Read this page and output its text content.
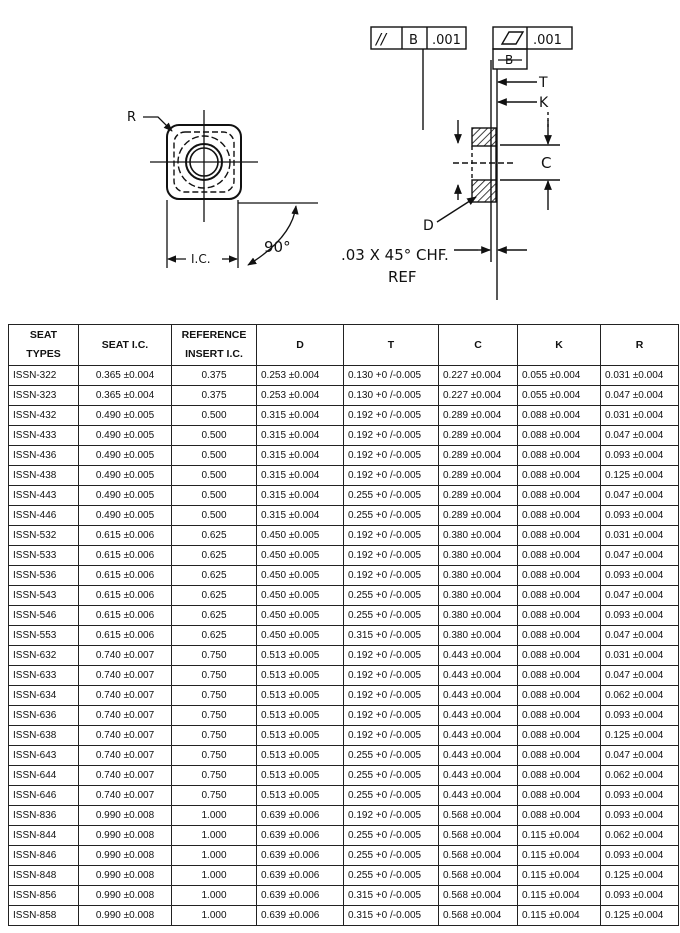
R
I.C.
90°
// B .001	.001
B
T
K
C
D
.03 X 45° CHF.
REF
SEAT
TYPES	SEAT I.C.	REFERENCE
INSERT I.C.	D	T	C	K	R
ISSN-322	0.365 ±0.004	0.375	0.253 ±0.004	0.130 +0 /-0.005	0.227 ±0.004	0.055 ±0.004	0.031 ±0.004
ISSN-323	0.365 ±0.004	0.375	0.253 ±0.004	0.130 +0 /-0.005	0.227 ±0.004	0.055 ±0.004	0.047 ±0.004
ISSN-432	0.490 ±0.005	0.500	0.315 ±0.004	0.192 +0 /-0.005	0.289 ±0.004	0.088 ±0.004	0.031 ±0.004
ISSN-433	0.490 ±0.005	0.500	0.315 ±0.004	0.192 +0 /-0.005	0.289 ±0.004	0.088 ±0.004	0.047 ±0.004
ISSN-436	0.490 ±0.005	0.500	0.315 ±0.004	0.192 +0 /-0.005	0.289 ±0.004	0.088 ±0.004	0.093 ±0.004
ISSN-438	0.490 ±0.005	0.500	0.315 ±0.004	0.192 +0 /-0.005	0.289 ±0.004	0.088 ±0.004	0.125 ±0.004
ISSN-443	0.490 ±0.005	0.500	0.315 ±0.004	0.255 +0 /-0.005	0.289 ±0.004	0.088 ±0.004	0.047 ±0.004
ISSN-446	0.490 ±0.005	0.500	0.315 ±0.004	0.255 +0 /-0.005	0.289 ±0.004	0.088 ±0.004	0.093 ±0.004
ISSN-532	0.615 ±0.006	0.625	0.450 ±0.005	0.192 +0 /-0.005	0.380 ±0.004	0.088 ±0.004	0.031 ±0.004
ISSN-533	0.615 ±0.006	0.625	0.450 ±0.005	0.192 +0 /-0.005	0.380 ±0.004	0.088 ±0.004	0.047 ±0.004
ISSN-536	0.615 ±0.006	0.625	0.450 ±0.005	0.192 +0 /-0.005	0.380 ±0.004	0.088 ±0.004	0.093 ±0.004
ISSN-543	0.615 ±0.006	0.625	0.450 ±0.005	0.255 +0 /-0.005	0.380 ±0.004	0.088 ±0.004	0.047 ±0.004
ISSN-546	0.615 ±0.006	0.625	0.450 ±0.005	0.255 +0 /-0.005	0.380 ±0.004	0.088 ±0.004	0.093 ±0.004
ISSN-553	0.615 ±0.006	0.625	0.450 ±0.005	0.315 +0 /-0.005	0.380 ±0.004	0.088 ±0.004	0.047 ±0.004
ISSN-632	0.740 ±0.007	0.750	0.513 ±0.005	0.192 +0 /-0.005	0.443 ±0.004	0.088 ±0.004	0.031 ±0.004
ISSN-633	0.740 ±0.007	0.750	0.513 ±0.005	0.192 +0 /-0.005	0.443 ±0.004	0.088 ±0.004	0.047 ±0.004
ISSN-634	0.740 ±0.007	0.750	0.513 ±0.005	0.192 +0 /-0.005	0.443 ±0.004	0.088 ±0.004	0.062 ±0.004
ISSN-636	0.740 ±0.007	0.750	0.513 ±0.005	0.192 +0 /-0.005	0.443 ±0.004	0.088 ±0.004	0.093 ±0.004
ISSN-638	0.740 ±0.007	0.750	0.513 ±0.005	0.192 +0 /-0.005	0.443 ±0.004	0.088 ±0.004	0.125 ±0.004
ISSN-643	0.740 ±0.007	0.750	0.513 ±0.005	0.255 +0 /-0.005	0.443 ±0.004	0.088 ±0.004	0.047 ±0.004
ISSN-644	0.740 ±0.007	0.750	0.513 ±0.005	0.255 +0 /-0.005	0.443 ±0.004	0.088 ±0.004	0.062 ±0.004
ISSN-646	0.740 ±0.007	0.750	0.513 ±0.005	0.255 +0 /-0.005	0.443 ±0.004	0.088 ±0.004	0.093 ±0.004
ISSN-836	0.990 ±0.008	1.000	0.639 ±0.006	0.192 +0 /-0.005	0.568 ±0.004	0.088 ±0.004	0.093 ±0.004
ISSN-844	0.990 ±0.008	1.000	0.639 ±0.006	0.255 +0 /-0.005	0.568 ±0.004	0.115 ±0.004	0.062 ±0.004
ISSN-846	0.990 ±0.008	1.000	0.639 ±0.006	0.255 +0 /-0.005	0.568 ±0.004	0.115 ±0.004	0.093 ±0.004
ISSN-848	0.990 ±0.008	1.000	0.639 ±0.006	0.255 +0 /-0.005	0.568 ±0.004	0.115 ±0.004	0.125 ±0.004
ISSN-856	0.990 ±0.008	1.000	0.639 ±0.006	0.315 +0 /-0.005	0.568 ±0.004	0.115 ±0.004	0.093 ±0.004
ISSN-858	0.990 ±0.008	1.000	0.639 ±0.006	0.315 +0 /-0.005	0.568 ±0.004	0.115 ±0.004	0.125 ±0.004
